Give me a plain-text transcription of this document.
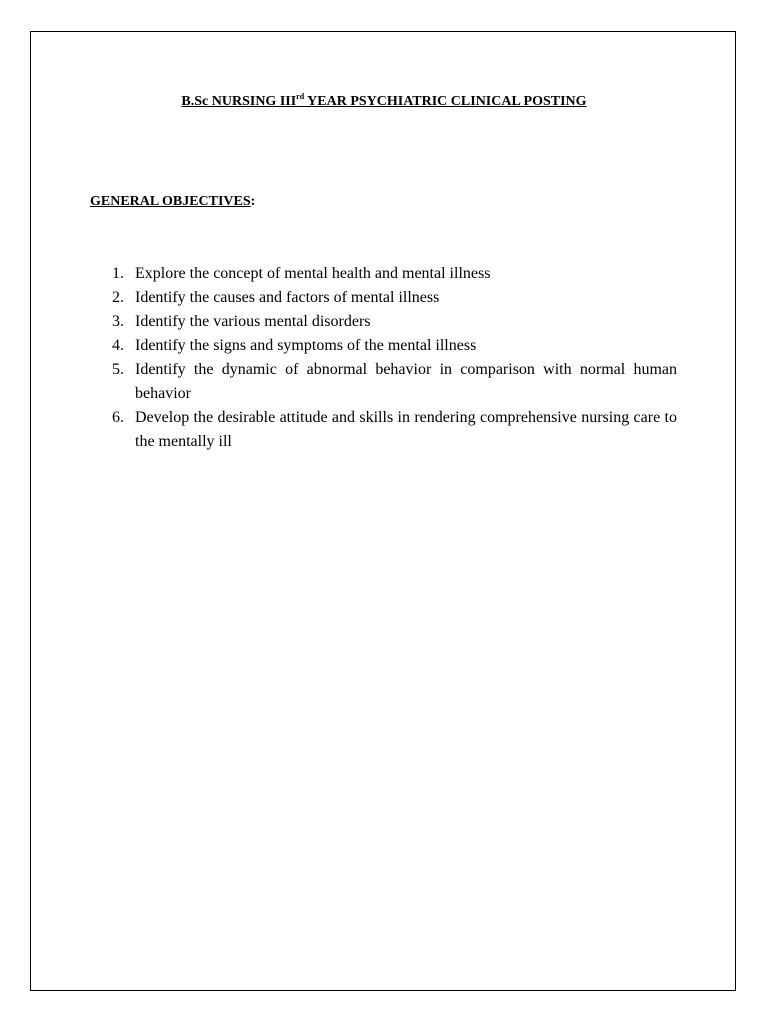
B.Sc NURSING IIIrd YEAR PSYCHIATRIC CLINICAL POSTING
GENERAL OBJECTIVES:
1. Explore the concept of mental health and mental illness
2. Identify the causes and factors of mental illness
3. Identify the various mental disorders
4. Identify the signs and symptoms of the mental illness
5. Identify the dynamic of abnormal behavior in comparison with normal human behavior
6. Develop the desirable attitude and skills in rendering comprehensive nursing care to the mentally ill
